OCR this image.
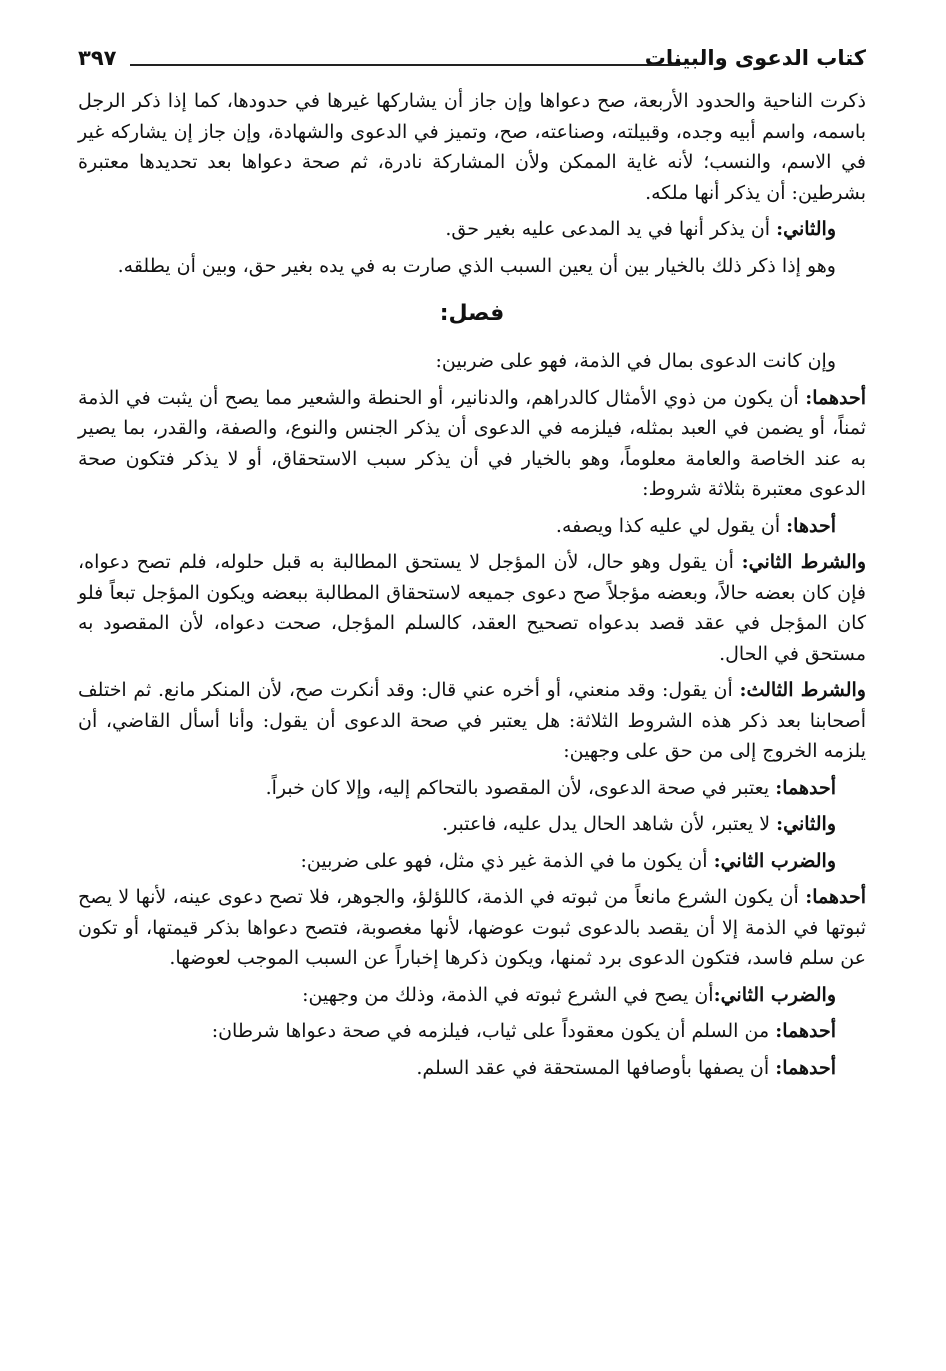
كتاب الدعوى والبينات
٣٩٧

ذكرت الناحية والحدود الأربعة، صح دعواها وإن جاز أن يشاركها غيرها في حدودها، كما إذا ذكر الرجل باسمه، واسم أبيه وجده، وقبيلته، وصناعته، صح، وتميز في الدعوى والشهادة، وإن جاز إن يشاركه غير في الاسم، والنسب؛ لأنه غاية الممكن ولأن المشاركة نادرة، ثم صحة دعواها بعد تحديدها معتبرة بشرطين: أن يذكر أنها ملكه.

والثاني: أن يذكر أنها في يد المدعى عليه بغير حق.

وهو إذا ذكر ذلك بالخيار بين أن يعين السبب الذي صارت به في يده بغير حق، وبين أن يطلقه.

فصل:

وإن كانت الدعوى بمال في الذمة، فهو على ضربين:

أحدهما: أن يكون من ذوي الأمثال كالدراهم، والدنانير، أو الحنطة والشعير مما يصح أن يثبت في الذمة ثمناً، أو يضمن في العبد بمثله، فيلزمه في الدعوى أن يذكر الجنس والنوع، والصفة، والقدر، بما يصير به عند الخاصة والعامة معلوماً، وهو بالخيار في أن يذكر سبب الاستحقاق، أو لا يذكر فتكون صحة الدعوى معتبرة بثلاثة شروط:

أحدها: أن يقول لي عليه كذا ويصفه.

والشرط الثاني: أن يقول وهو حال، لأن المؤجل لا يستحق المطالبة به قبل حلوله، فلم تصح دعواه، فإن كان بعضه حالاً، وبعضه مؤجلاً صح دعوى جميعه لاستحقاق المطالبة ببعضه ويكون المؤجل تبعاً فلو كان المؤجل في عقد قصد بدعواه تصحيح العقد، كالسلم المؤجل، صحت دعواه، لأن المقصود به مستحق في الحال.

والشرط الثالث: أن يقول: وقد منعني، أو أخره عني قال: وقد أنكرت صح، لأن المنكر مانع. ثم اختلف أصحابنا بعد ذكر هذه الشروط الثلاثة: هل يعتبر في صحة الدعوى أن يقول: وأنا أسأل القاضي، أن يلزمه الخروج إلى من حق على وجهين:

أحدهما: يعتبر في صحة الدعوى، لأن المقصود بالتحاكم إليه، وإلا كان خبراً.

والثاني: لا يعتبر، لأن شاهد الحال يدل عليه، فاعتبر.

والضرب الثاني: أن يكون ما في الذمة غير ذي مثل، فهو على ضربين:

أحدهما: أن يكون الشرع مانعاً من ثبوته في الذمة، كاللؤلؤ، والجوهر، فلا تصح دعوى عينه، لأنها لا يصح ثبوتها في الذمة إلا أن يقصد بالدعوى ثبوت عوضها، لأنها مغصوبة، فتصح دعواها بذكر قيمتها، أو تكون عن سلم فاسد، فتكون الدعوى برد ثمنها، ويكون ذكرها إخباراً عن السبب الموجب لعوضها.

والضرب الثاني:أن يصح في الشرع ثبوته في الذمة، وذلك من وجهين:

أحدهما: من السلم أن يكون معقوداً على ثياب، فيلزمه في صحة دعواها شرطان:

أحدهما: أن يصفها بأوصافها المستحقة في عقد السلم.
